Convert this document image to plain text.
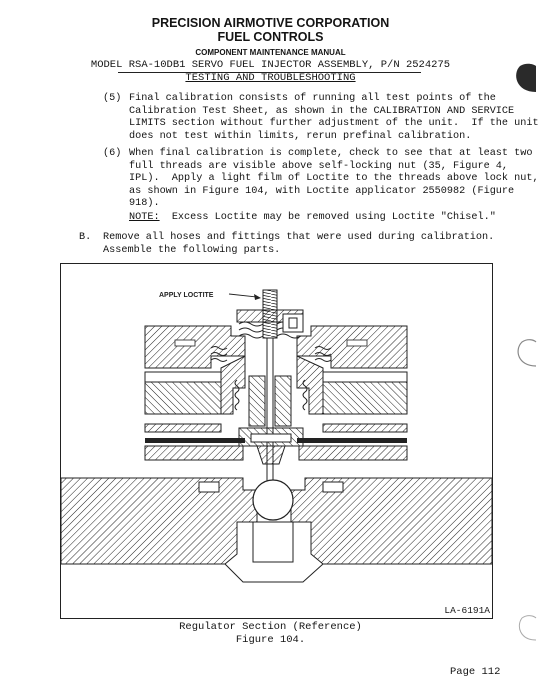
PRECISION AIRMOTIVE CORPORATION
FUEL CONTROLS
COMPONENT MAINTENANCE MANUAL
MODEL RSA-10DB1 SERVO FUEL INJECTOR ASSEMBLY, P/N 2524275
TESTING AND TROUBLESHOOTING
(5) Final calibration consists of running all test points of the
Calibration Test Sheet, as shown in the CALIBRATION AND SERVICE
LIMITS section without further adjustment of the unit.  If the unit
does not test within limits, rerun prefinal calibration.
(6) When final calibration is complete, check to see that at least two
full threads are visible above self-locking nut (35, Figure 4,
IPL).  Apply a light film of Loctite to the threads above lock nut,
as shown in Figure 104, with Loctite applicator 2550982 (Figure
918).
NOTE: Excess Loctite may be removed using Loctite "Chisel."
B. Remove all hoses and fittings that were used during calibration.
Assemble the following parts.
APPLY LOCTITE
LA-6191A
Regulator Section (Reference)
Figure 104.
Page 112
